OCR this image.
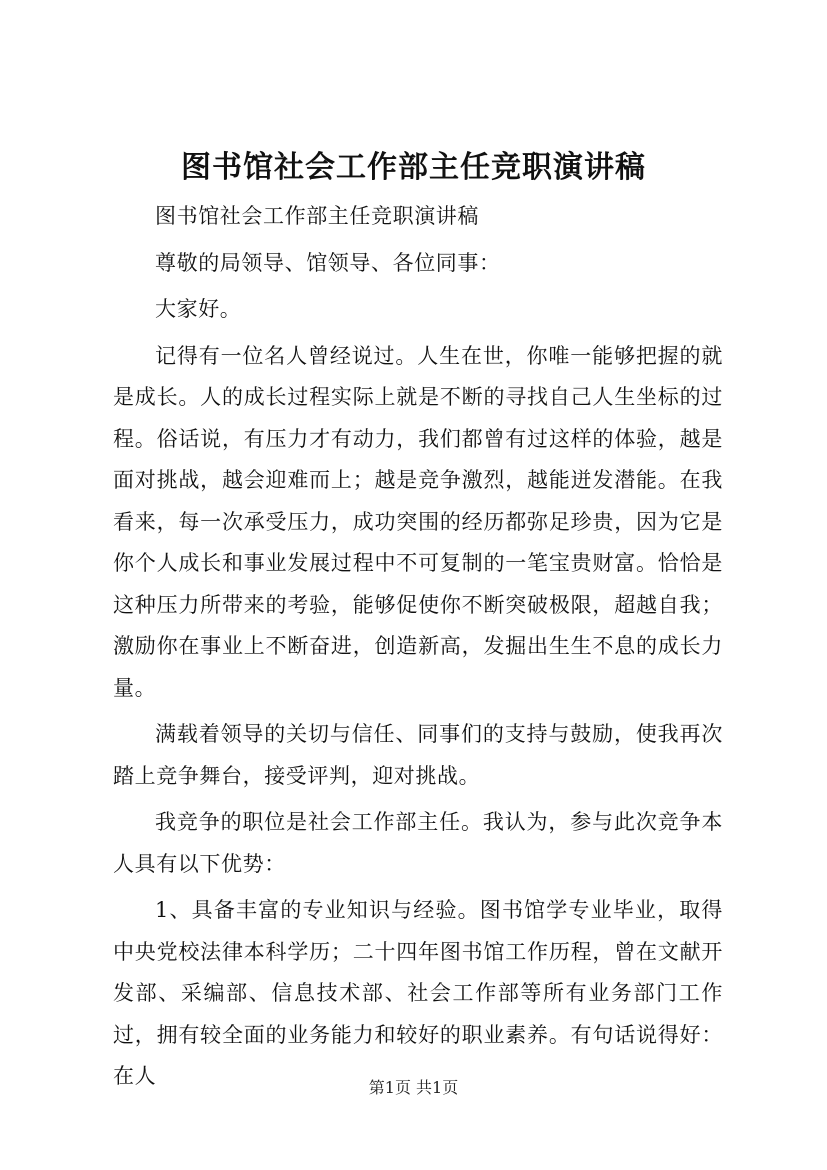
图书馆社会工作部主任竞职演讲稿

图书馆社会工作部主任竞职演讲稿

尊敬的局领导、馆领导、各位同事：

大家好。

记得有一位名人曾经说过。人生在世，你唯一能够把握的就是成长。人的成长过程实际上就是不断的寻找自己人生坐标的过程。俗话说，有压力才有动力，我们都曾有过这样的体验，越是面对挑战，越会迎难而上；越是竞争激烈，越能迸发潜能。在我看来，每一次承受压力，成功突围的经历都弥足珍贵，因为它是你个人成长和事业发展过程中不可复制的一笔宝贵财富。恰恰是这种压力所带来的考验，能够促使你不断突破极限，超越自我；激励你在事业上不断奋进，创造新高，发掘出生生不息的成长力量。

满载着领导的关切与信任、同事们的支持与鼓励，使我再次踏上竞争舞台，接受评判，迎对挑战。

我竞争的职位是社会工作部主任。我认为，参与此次竞争本人具有以下优势：

1、具备丰富的专业知识与经验。图书馆学专业毕业，取得中央党校法律本科学历；二十四年图书馆工作历程，曾在文献开发部、采编部、信息技术部、社会工作部等所有业务部门工作过，拥有较全面的业务能力和较好的职业素养。有句话说得好：在人	第1页 共1页
